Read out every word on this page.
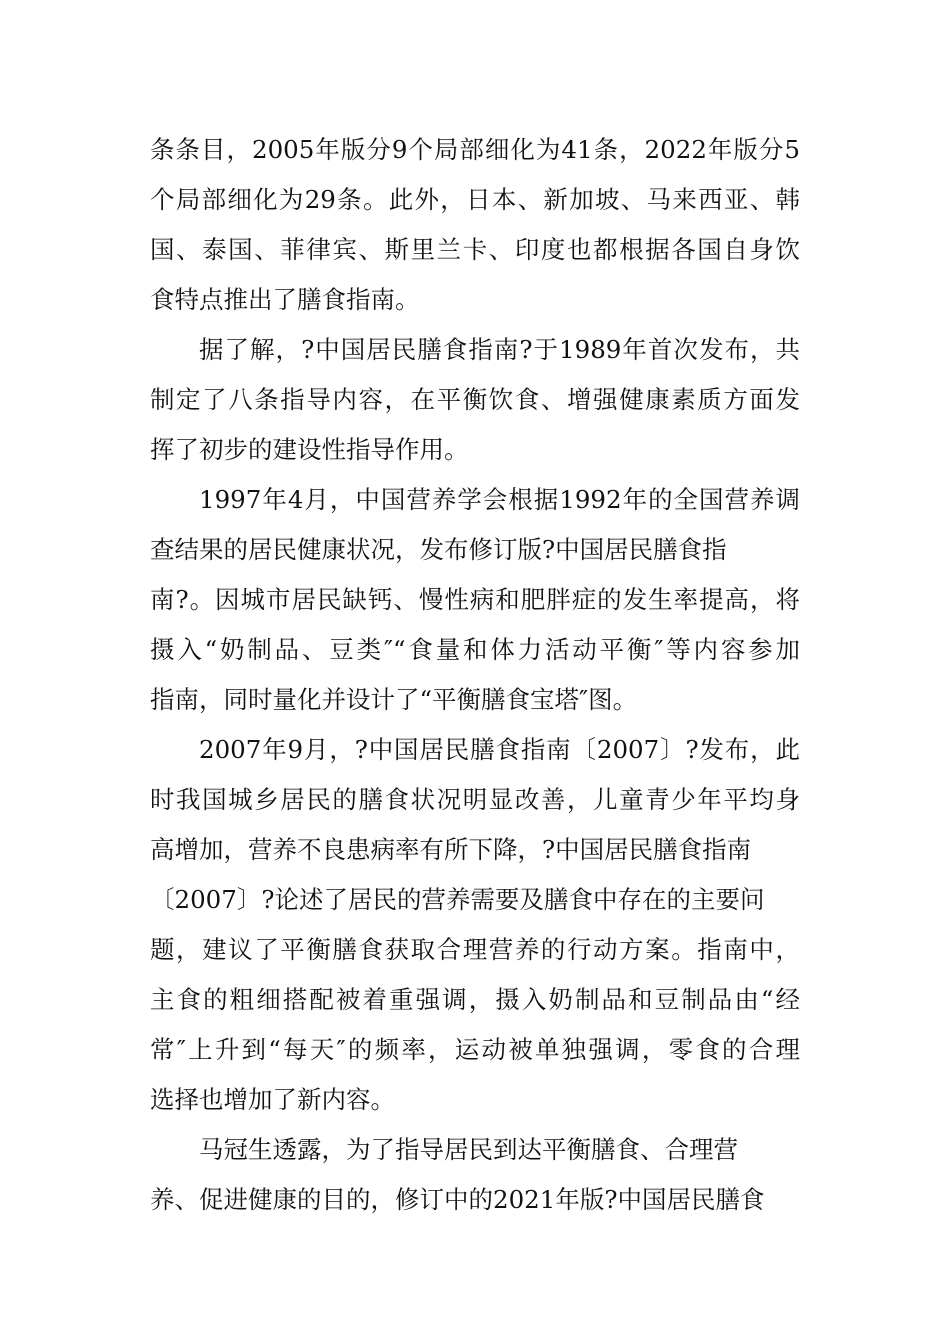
条条目，2005年版分9个局部细化为41条，2022年版分5
个局部细化为29条。此外，日本、新加坡、马来西亚、韩
国、泰国、菲律宾、斯里兰卡、印度也都根据各国自身饮
食特点推出了膳食指南。
据了解，?中国居民膳食指南?于1989年首次发布，共
制定了八条指导内容，在平衡饮食、增强健康素质方面发
挥了初步的建设性指导作用。
1997年4月，中国营养学会根据1992年的全国营养调
查结果的居民健康状况，发布修订版?中国居民膳食指
南?。因城市居民缺钙、慢性病和肥胖症的发生率提高，将
摄入“奶制品、豆类″“食量和体力活动平衡″等内容参加
指南，同时量化并设计了“平衡膳食宝塔″图。
2007年9月，?中国居民膳食指南〔2007〕?发布，此
时我国城乡居民的膳食状况明显改善，儿童青少年平均身
高增加，营养不良患病率有所下降，?中国居民膳食指南
〔2007〕?论述了居民的营养需要及膳食中存在的主要问
题，建议了平衡膳食获取合理营养的行动方案。指南中，
主食的粗细搭配被着重强调，摄入奶制品和豆制品由“经
常″上升到“每天″的频率，运动被单独强调，零食的合理
选择也增加了新内容。
马冠生透露，为了指导居民到达平衡膳食、合理营
养、促进健康的目的，修订中的2021年版?中国居民膳食
